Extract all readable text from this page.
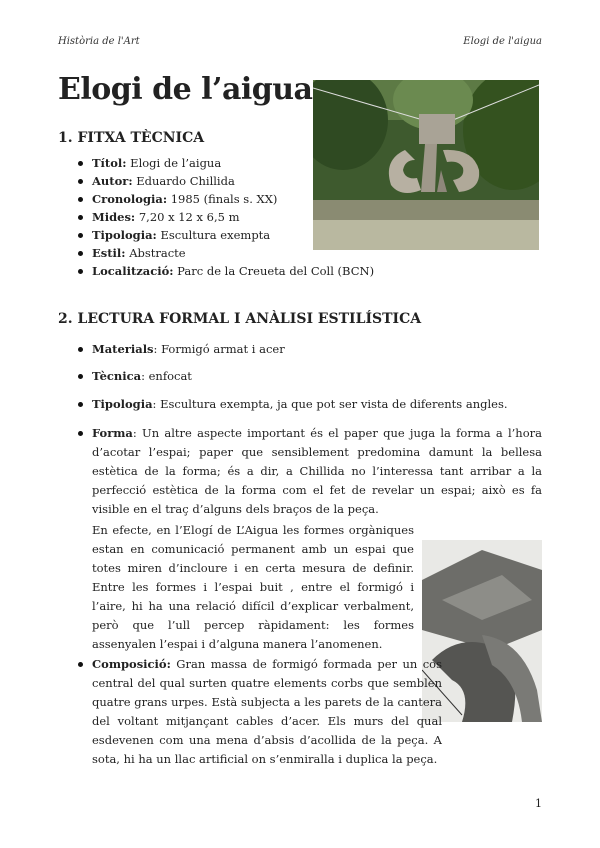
Història de l'Art	Elogi de l'aigua
Elogi de l’aigua
1. FITXA TÈCNICA
Títol: Elogi de l’aigua
Autor: Eduardo Chillida
Cronologia: 1985 (finals s. XX)
Mides: 7,20 x 12 x 6,5 m
Tipologia: Escultura exempta
Estil: Abstracte
Localització: Parc de la Creueta del Coll (BCN)
2. LECTURA FORMAL I ANÀLISI ESTILÍSTICA
Materials: Formigó armat i acer
Tècnica: enfocat
Tipologia: Escultura exempta, ja que pot ser vista de diferents angles.
Forma: Un altre aspecte important és el paper que juga la forma a l’hora d’acotar l’espai; paper que sensiblement predomina damunt la bellesa estètica de la forma; és a dir, a Chillida no l’interessa tant arribar a la perfecció estètica de la forma com el fet de revelar un espai; això es fa visible en el traç d’alguns dels braços de la peça.
En efecte, en l’Elogí de L’Aigua les formes orgàniques estan en comunicació permanent amb un espai que totes miren d’incloure i en certa mesura de definir. Entre les formes i l’espai buit , entre el formigó i l’aire, hi ha una relació difícil d’explicar verbalment, però que l’ull percep ràpidament: les formes assenyalen l’espai i d’alguna manera l’anomenen.
Composició: Gran massa de formigó formada per un cos central del qual surten quatre elements corbs que semblen quatre grans urpes. Està subjecta a les parets de la cantera del voltant mitjançant cables d’acer. Els murs del qual esdevenen com una mena d’absis d’acollida de la peça. A sota, hi ha un llac artificial on s’enmiralla i duplica la peça.
1
